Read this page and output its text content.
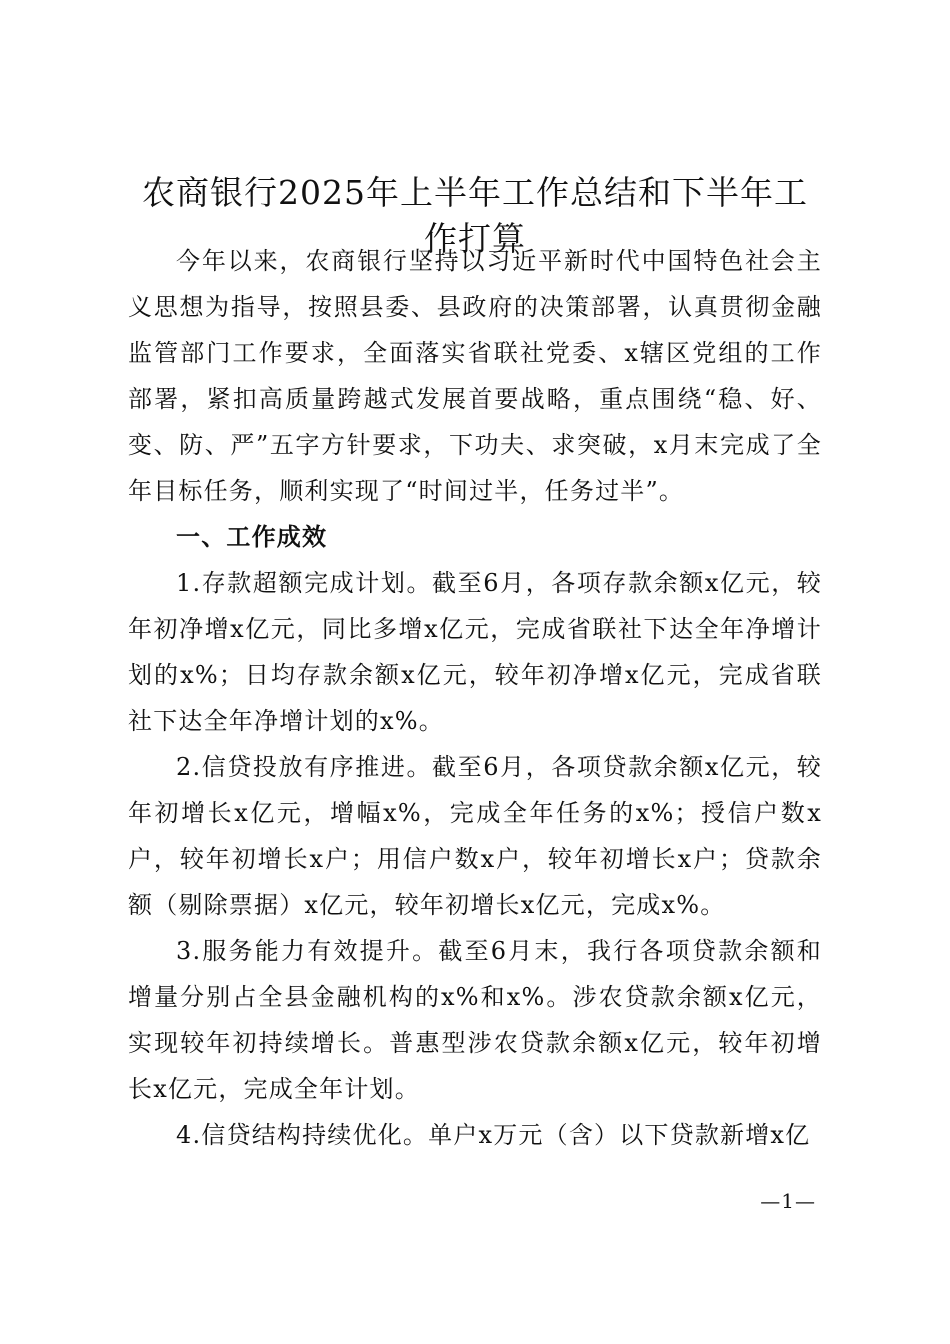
农商银行2025年上半年工作总结和下半年工作打算

今年以来，农商银行坚持以习近平新时代中国特色社会主义思想为指导，按照县委、县政府的决策部署，认真贯彻金融监管部门工作要求，全面落实省联社党委、x辖区党组的工作部署，紧扣高质量跨越式发展首要战略，重点围绕“稳、好、变、防、严”五字方针要求，下功夫、求突破，x月末完成了全年目标任务，顺利实现了“时间过半，任务过半”。

一、工作成效

1.存款超额完成计划。截至6月，各项存款余额x亿元，较年初净增x亿元，同比多增x亿元，完成省联社下达全年净增计划的x%；日均存款余额x亿元，较年初净增x亿元，完成省联社下达全年净增计划的x%。

2.信贷投放有序推进。截至6月，各项贷款余额x亿元，较年初增长x亿元，增幅x%，完成全年任务的x%；授信户数x户，较年初增长x户；用信户数x户，较年初增长x户；贷款余额（剔除票据）x亿元，较年初增长x亿元，完成x%。

3.服务能力有效提升。截至6月末，我行各项贷款余额和增量分别占全县金融机构的x%和x%。涉农贷款余额x亿元，实现较年初持续增长。普惠型涉农贷款余额x亿元，较年初增长x亿元，完成全年计划。

4.信贷结构持续优化。单户x万元（含）以下贷款新增x亿

—1—
